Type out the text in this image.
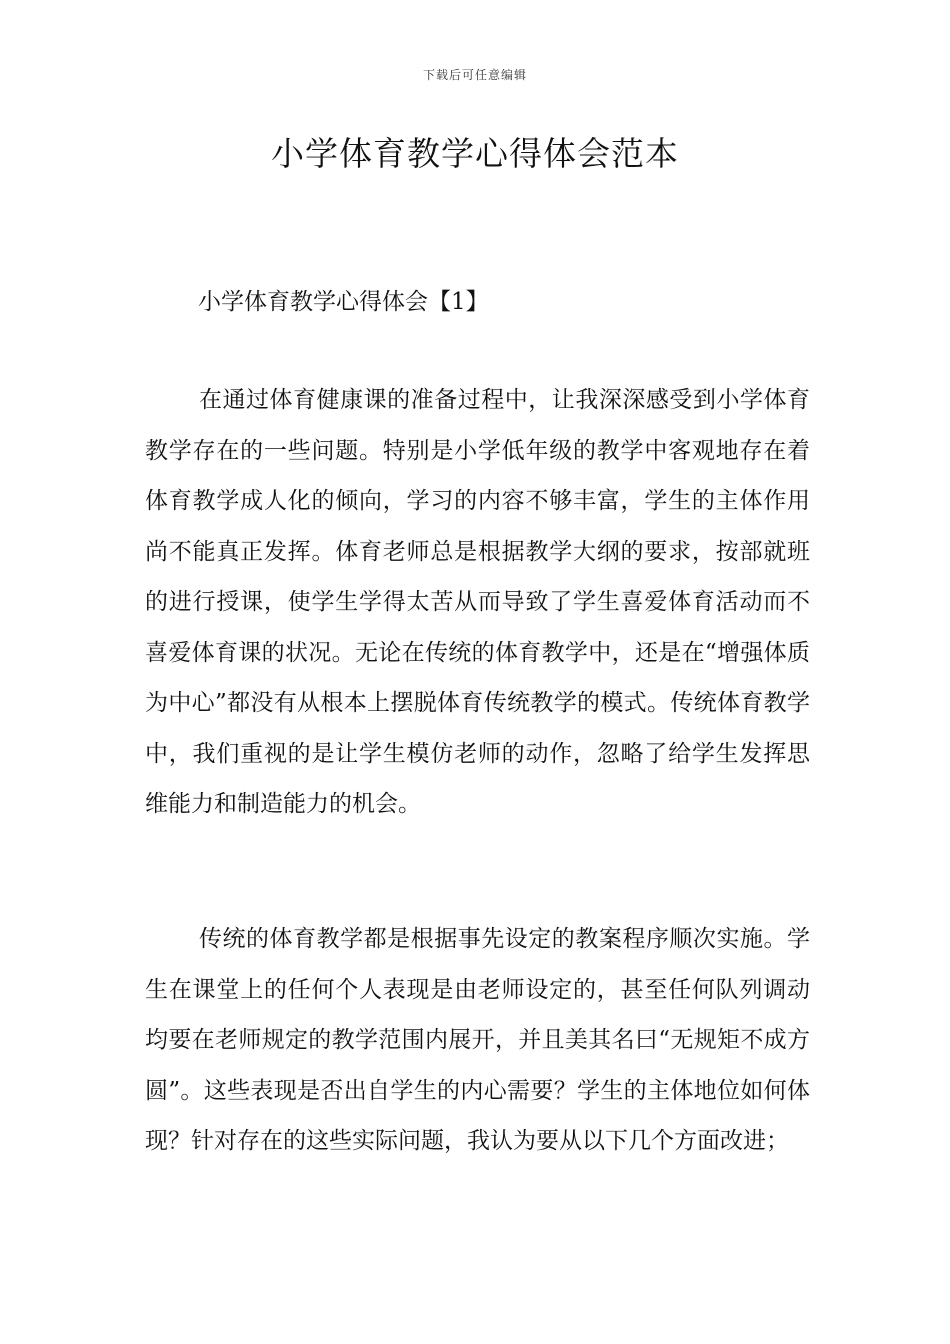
下载后可任意编辑
小学体育教学心得体会范本

小学体育教学心得体会【1】

在通过体育健康课的准备过程中，让我深深感受到小学体育教学存在的一些问题。特别是小学低年级的教学中客观地存在着体育教学成人化的倾向，学习的内容不够丰富，学生的主体作用尚不能真正发挥。体育老师总是根据教学大纲的要求，按部就班的进行授课，使学生学得太苦从而导致了学生喜爱体育活动而不喜爱体育课的状况。无论在传统的体育教学中，还是在“增强体质为中心”都没有从根本上摆脱体育传统教学的模式。传统体育教学中，我们重视的是让学生模仿老师的动作，忽略了给学生发挥思维能力和制造能力的机会。

传统的体育教学都是根据事先设定的教案程序顺次实施。学生在课堂上的任何个人表现是由老师设定的，甚至任何队列调动均要在老师规定的教学范围内展开，并且美其名曰“无规矩不成方圆”。这些表现是否出自学生的内心需要？学生的主体地位如何体现？针对存在的这些实际问题，我认为要从以下几个方面改进；
